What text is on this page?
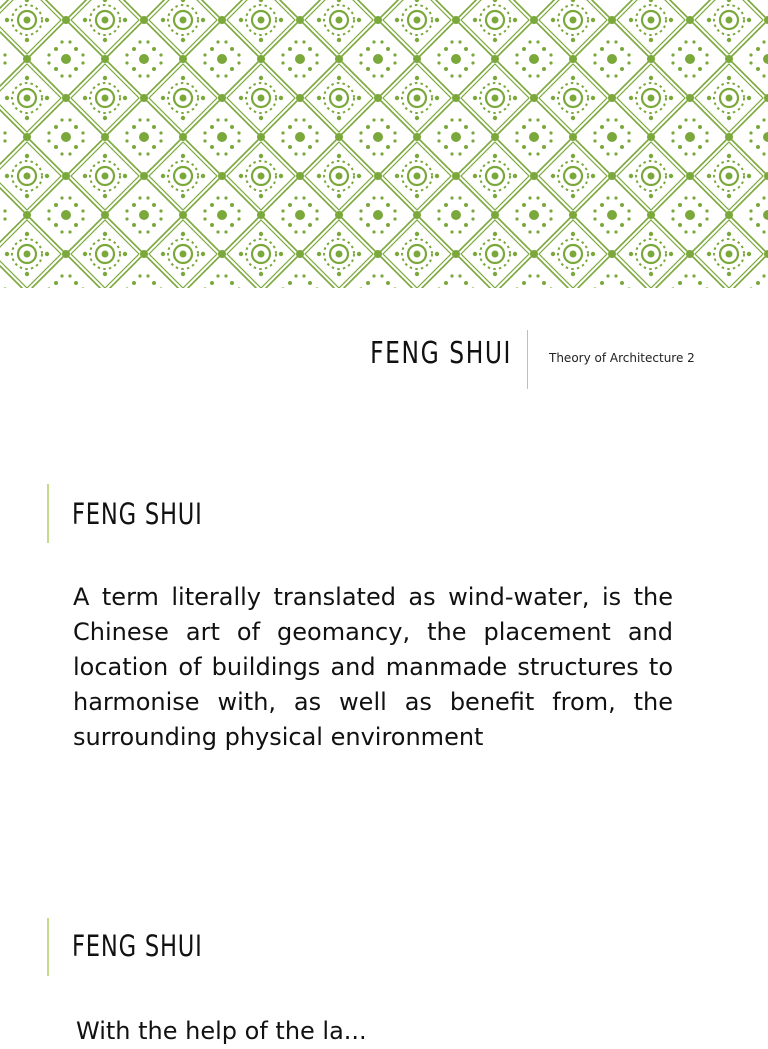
FENG SHUI	Theory of Architecture 2
FENG SHUI
A term literally translated as wind-water, is the Chinese art of geomancy, the placement and location of buildings and manmade structures to harmonise with, as well as benefit from, the surrounding physical environment
FENG SHUI
With the help of the la...
